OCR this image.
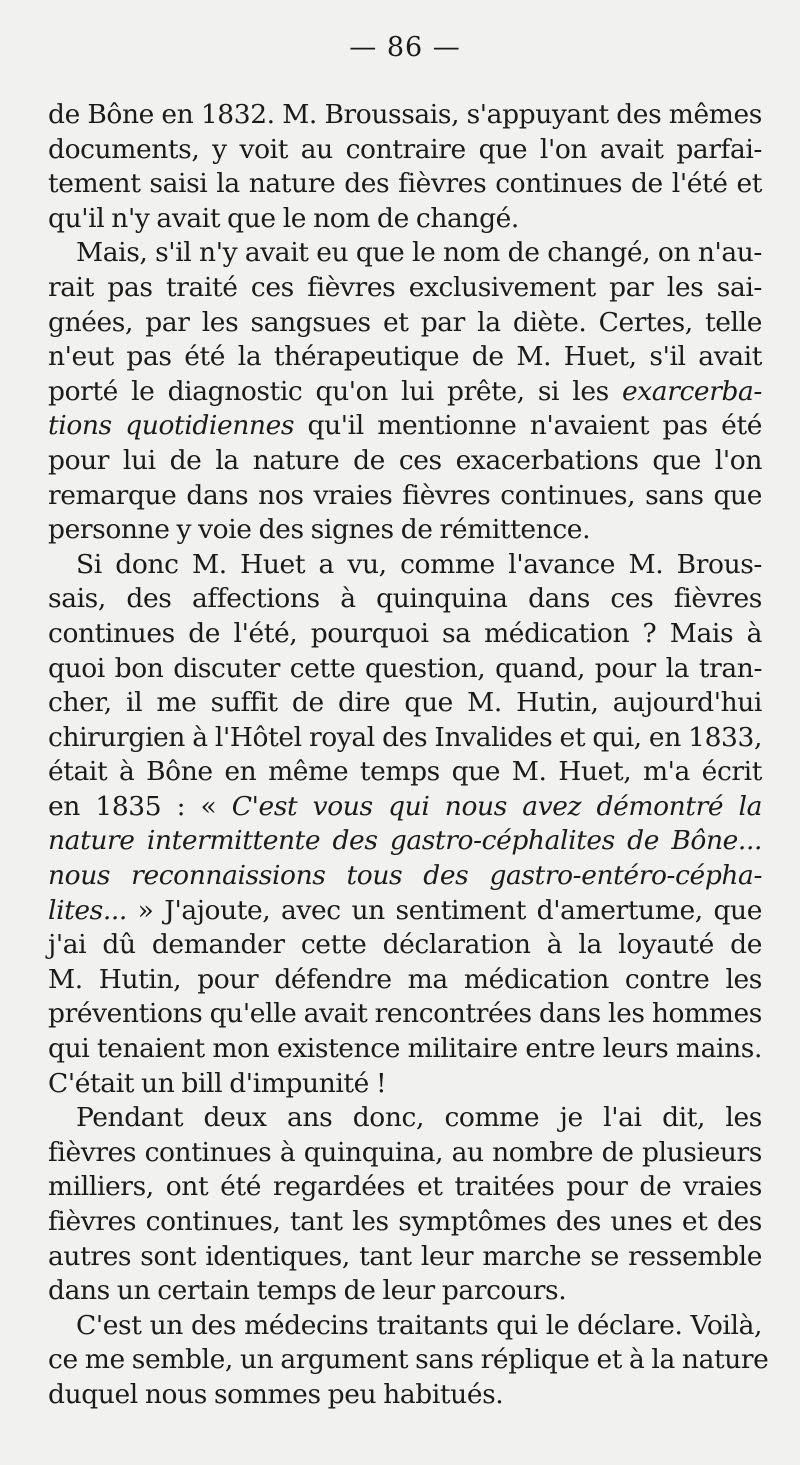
— 86 —
de Bône en 1832. M. Broussais, s'appuyant des mêmes
documents, y voit au contraire que l'on avait parfai-
tement saisi la nature des fièvres continues de l'été et
qu'il n'y avait que le nom de changé.
Mais, s'il n'y avait eu que le nom de changé, on n'au-
rait pas traité ces fièvres exclusivement par les sai-
gnées, par les sangsues et par la diète. Certes, telle
n'eut pas été la thérapeutique de M. Huet, s'il avait
porté le diagnostic qu'on lui prête, si les exarcerba-
tions quotidiennes qu'il mentionne n'avaient pas été
pour lui de la nature de ces exacerbations que l'on
remarque dans nos vraies fièvres continues, sans que
personne y voie des signes de rémittence.
Si donc M. Huet a vu, comme l'avance M. Brous-
sais, des affections à quinquina dans ces fièvres
continues de l'été, pourquoi sa médication ? Mais à
quoi bon discuter cette question, quand, pour la tran-
cher, il me suffit de dire que M. Hutin, aujourd'hui
chirurgien à l'Hôtel royal des Invalides et qui, en 1833,
était à Bône en même temps que M. Huet, m'a écrit
en 1835 : « C'est vous qui nous avez démontré la
nature intermittente des gastro-céphalites de Bône...
nous reconnaissions tous des gastro-entéro-cépha-
lites... » J'ajoute, avec un sentiment d'amertume, que
j'ai dû demander cette déclaration à la loyauté de
M. Hutin, pour défendre ma médication contre les
préventions qu'elle avait rencontrées dans les hommes
qui tenaient mon existence militaire entre leurs mains.
C'était un bill d'impunité !
Pendant deux ans donc, comme je l'ai dit, les
fièvres continues à quinquina, au nombre de plusieurs
milliers, ont été regardées et traitées pour de vraies
fièvres continues, tant les symptômes des unes et des
autres sont identiques, tant leur marche se ressemble
dans un certain temps de leur parcours.
C'est un des médecins traitants qui le déclare. Voilà,
ce me semble, un argument sans réplique et à la nature
duquel nous sommes peu habitués.
